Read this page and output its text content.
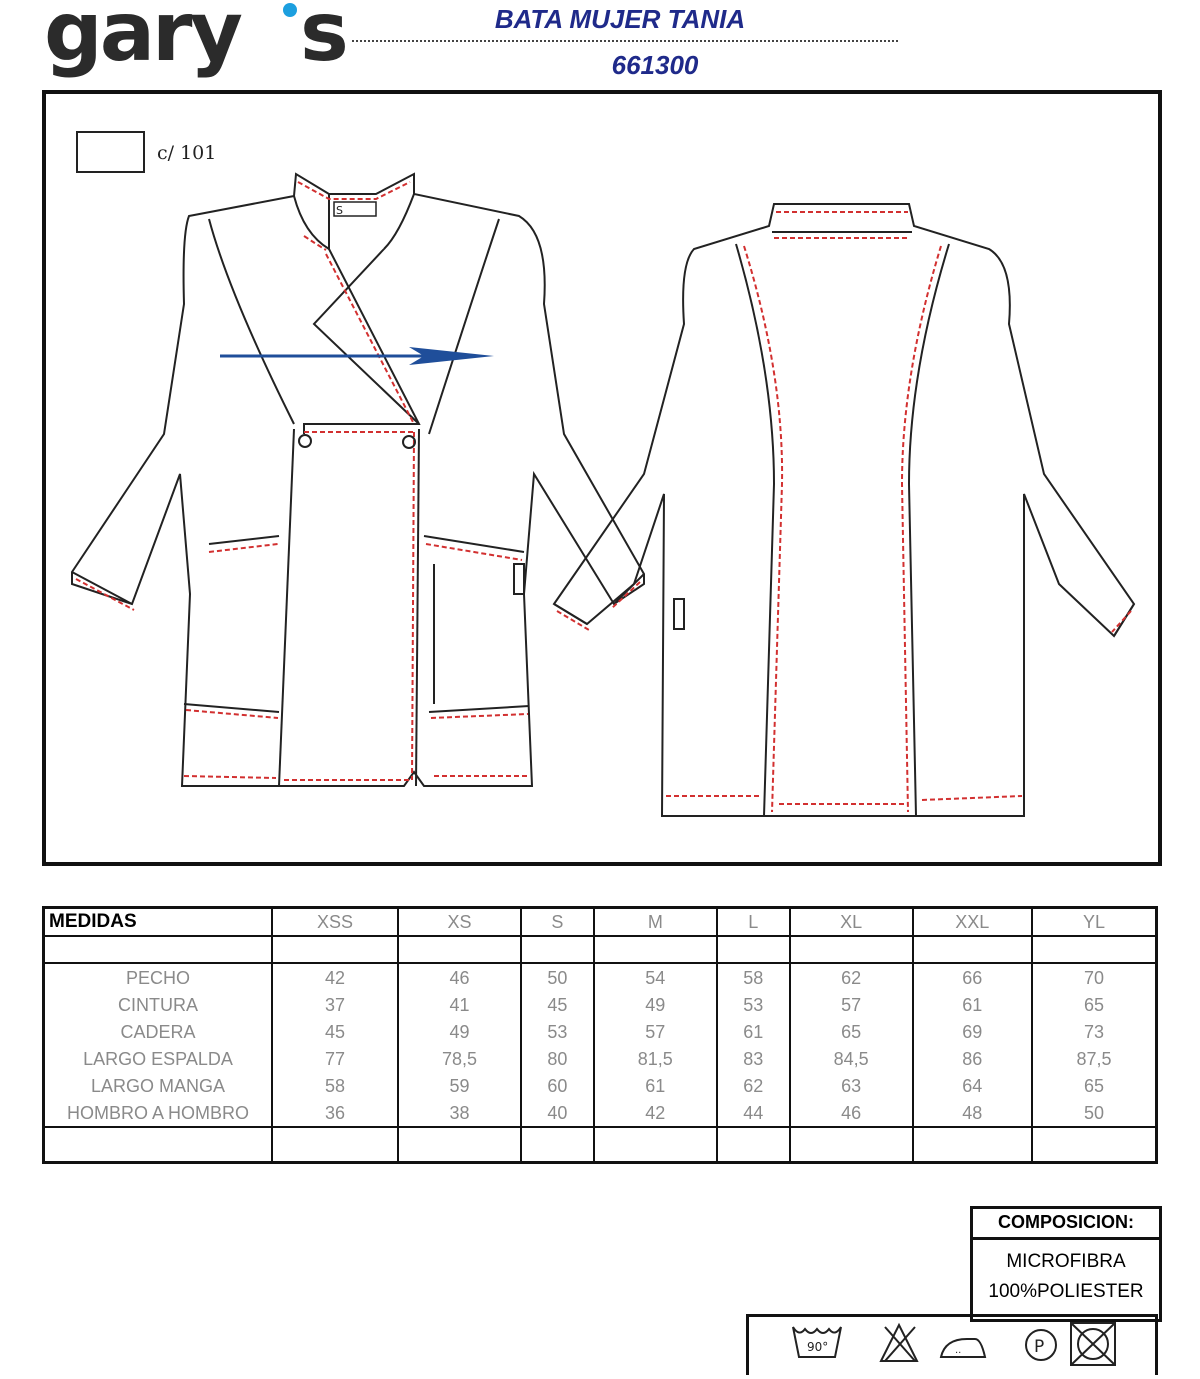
gary s	BATA MUJER TANIA
661300
c/ 101
S
MEDIDAS	XSS	XS	S	M	L	XL	XXL	YL

PECHO	42	46	50	54	58	62	66	70
CINTURA	37	41	45	49	53	57	61	65
CADERA	45	49	53	57	61	65	69	73
LARGO ESPALDA	77	78,5	80	81,5	83	84,5	86	87,5
LARGO MANGA	58	59	60	61	62	63	64	65
HOMBRO A HOMBRO	36	38	40	42	44	46	48	50

COMPOSICION:
MICROFIBRA
100%POLIESTER
90°	..	P
